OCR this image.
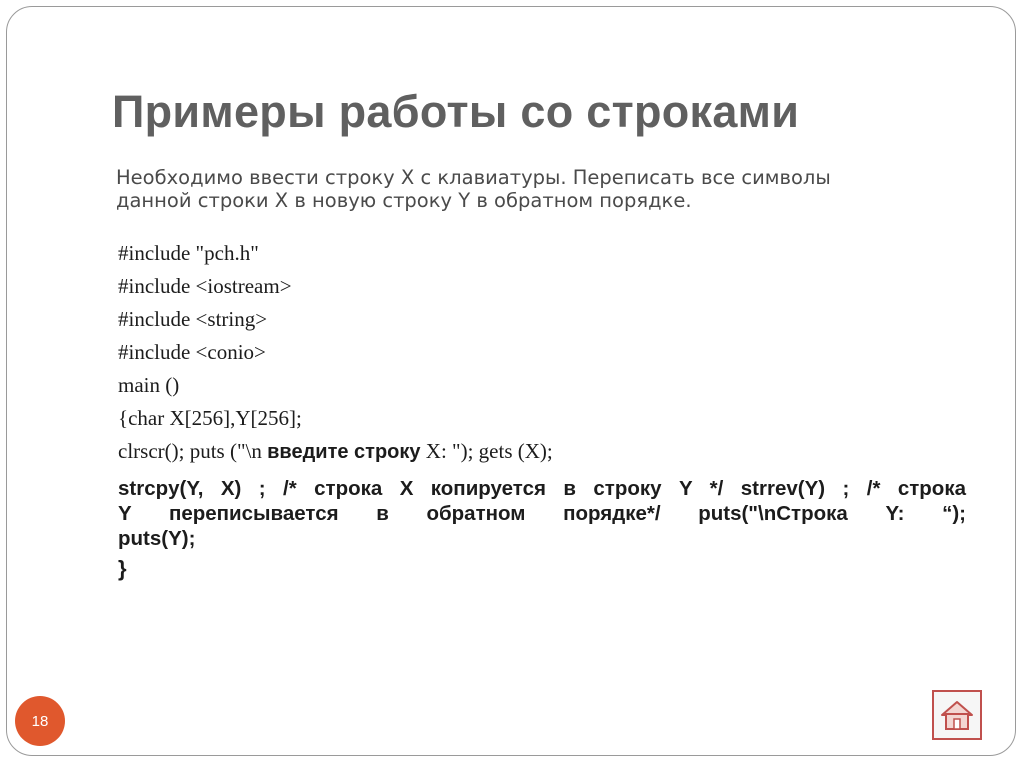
Примеры работы со строками
Необходимо ввести строку X с клавиатуры. Переписать все символы
данной строки X в новую строку Y в обратном порядке.
#include "pch.h"
#include <iostream>
#include <string>
#include <conio>
main ()
{char X[256],Y[256];
clrscr(); puts ("\n введите строку X: "); gets (X);
strcpy(Y, X) ; /* строка X копируется в строку Y */ strrev(Y) ; /* строка
Y переписывается в обратном порядке*/ puts("\nСтрока Y: “);
puts(Y);
}
18
